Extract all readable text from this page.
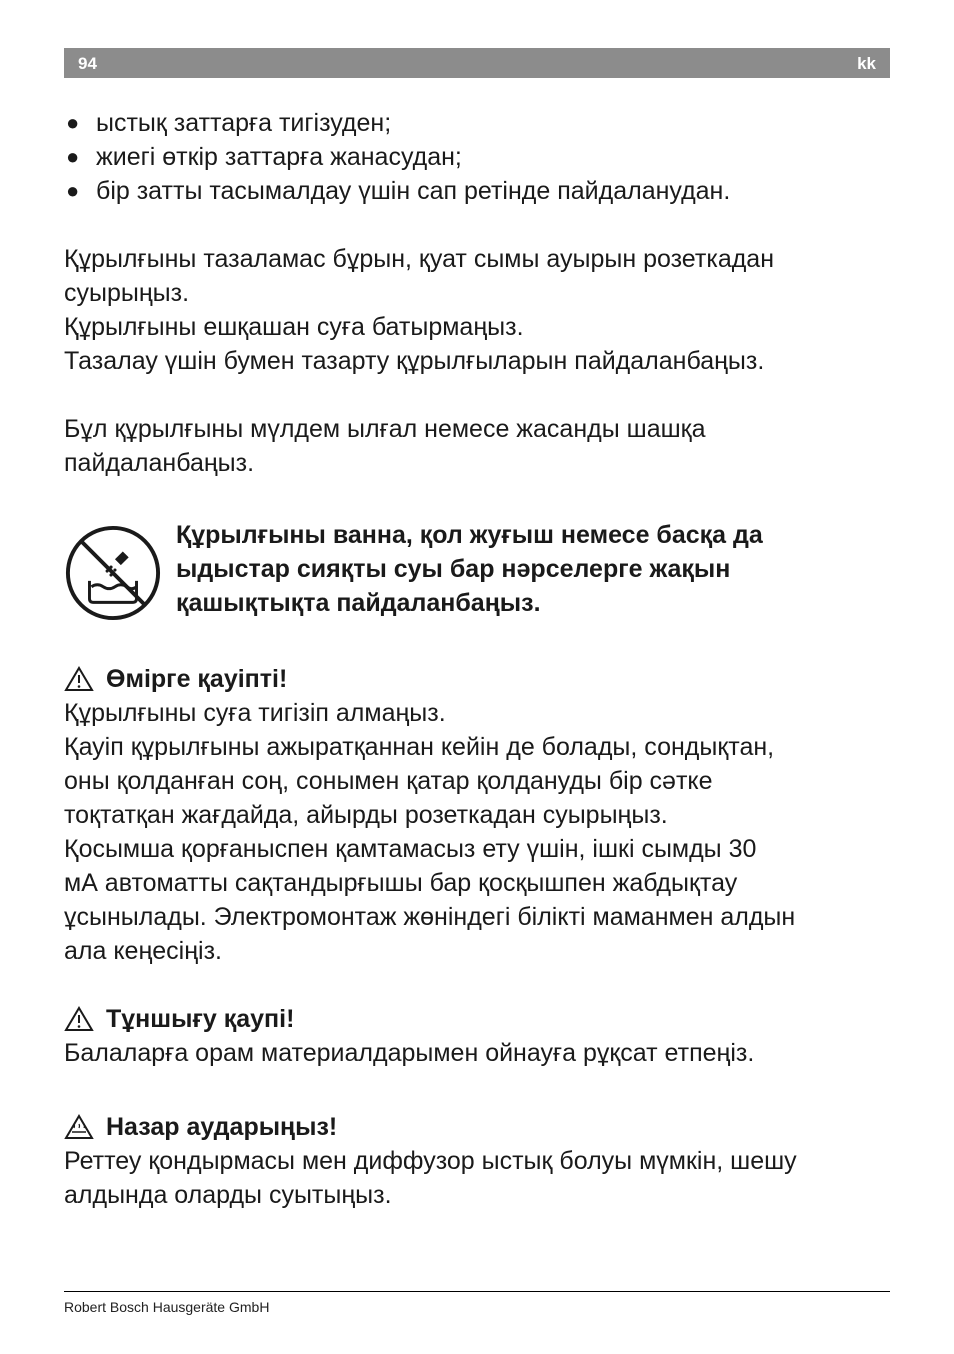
94	kk
● ыстық заттарға тигізуден;
● жиегі өткір заттарға жанасудан;
● бір затты тасымалдау үшін сап ретінде пайдаланудан.

Құрылғыны тазаламас бұрын, қуат сымы ауырын розеткадан

суырыңыз.

Құрылғыны ешқашан суға батырмаңыз.

Тазалау үшін бумен тазарту құрылғыларын пайдаланбаңыз.

Бұл құрылғыны мүлдем ылғал немесе жасанды шашқа

пайдаланбаңыз.

Құрылғыны ванна, қол жуғыш немесе басқа да

ыдыстар сияқты суы бар нәрселерге жақын

қашықтықта пайдаланбаңыз.

Өмірге қауіпті!

Құрылғыны суға тигізіп алмаңыз.

Қауіп құрылғыны ажыратқаннан кейін де болады, сондықтан,

оны қолданған соң, сонымен қатар қолдануды бір сәтке

тоқтатқан жағдайда, айырды розеткадан суырыңыз.

Қосымша қорғаныспен қамтамасыз ету үшін, ішкі сымды 30

мА автоматты сақтандырғышы бар қосқышпен жабдықтау

ұсынылады. Электромонтаж жөніндегі білікті маманмен алдын

ала кеңесіңіз.

Тұншығу қаупі!

Балаларға орам материалдарымен ойнауға рұқсат етпеңіз.

Назар аударыңыз!

Реттеу қондырмасы мен диффузор ыстық болуы мүмкін, шешу

алдында оларды суытыңыз.

Robert Bosch Hausgeräte GmbH
